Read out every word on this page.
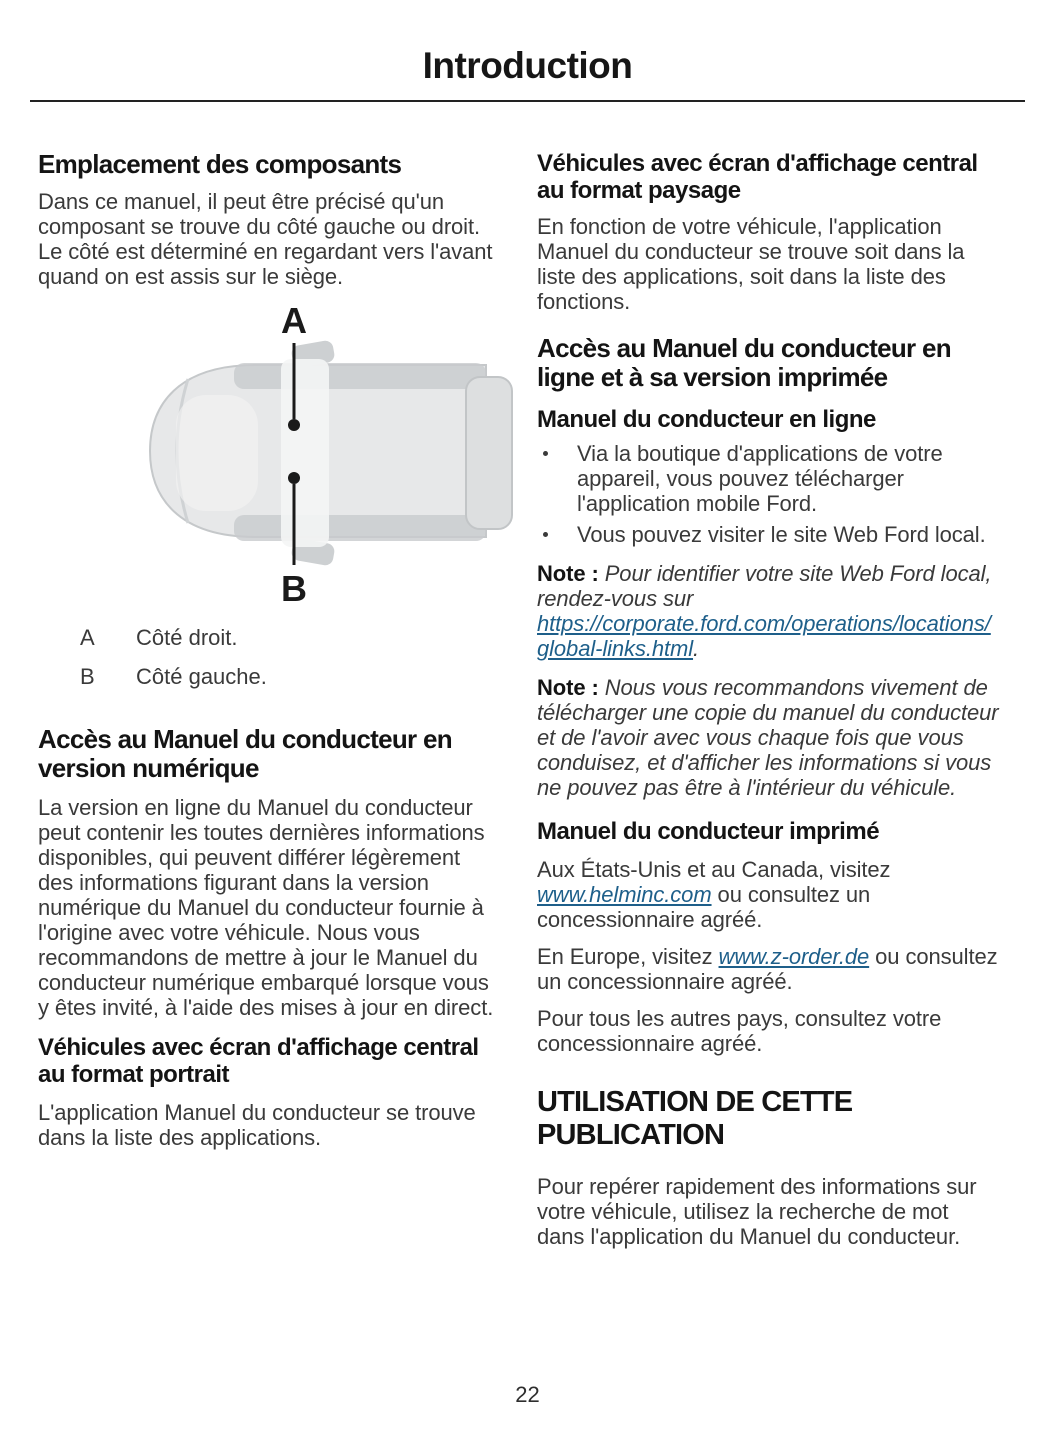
Introduction
Emplacement des composants

Dans ce manuel, il peut être précisé qu'un composant se trouve du côté gauche ou droit.  Le côté est déterminé en regardant vers l'avant quand on est assis sur le siège.

A
B
A	Côté droit.
B	Côté gauche.
Accès au Manuel du conducteur en version numérique

La version en ligne du Manuel du conducteur peut contenir les toutes dernières informations disponibles, qui peuvent différer légèrement des informations figurant dans la version numérique du Manuel du conducteur fournie à l'origine avec votre véhicule. Nous vous recommandons de mettre à jour le Manuel du conducteur numérique embarqué lorsque vous y êtes invité, à l'aide des mises à jour en direct.

Véhicules avec écran d'affichage central au format portrait

L'application Manuel du conducteur se trouve dans la liste des applications.

Véhicules avec écran d'affichage central au format paysage

En fonction de votre véhicule, l'application Manuel du conducteur se trouve soit dans la liste des applications, soit dans la liste des fonctions.

Accès au Manuel du conducteur en ligne et à sa version imprimée
Manuel du conducteur en ligne
Via la boutique d'applications de votre appareil, vous pouvez télécharger l'application mobile Ford.
Vous pouvez visiter le site Web Ford local.

Note : Pour identifier votre site Web Ford local, rendez-vous sur https://corporate.ford.com/operations/locations/global-links.html.

Note : Nous vous recommandons vivement de télécharger une copie du manuel du conducteur et de l'avoir avec vous chaque fois que vous conduisez, et d'afficher les informations si vous ne pouvez pas être à l'intérieur du véhicule.

Manuel du conducteur imprimé

Aux États-Unis et au Canada, visitez www.helminc.com ou consultez un concessionnaire agréé.

En Europe, visitez www.z-order.de ou consultez un concessionnaire agréé.

Pour tous les autres pays, consultez votre concessionnaire agréé.

UTILISATION DE CETTE PUBLICATION

Pour repérer rapidement des informations sur votre véhicule, utilisez la recherche de mot dans l'application du Manuel du conducteur.

22
